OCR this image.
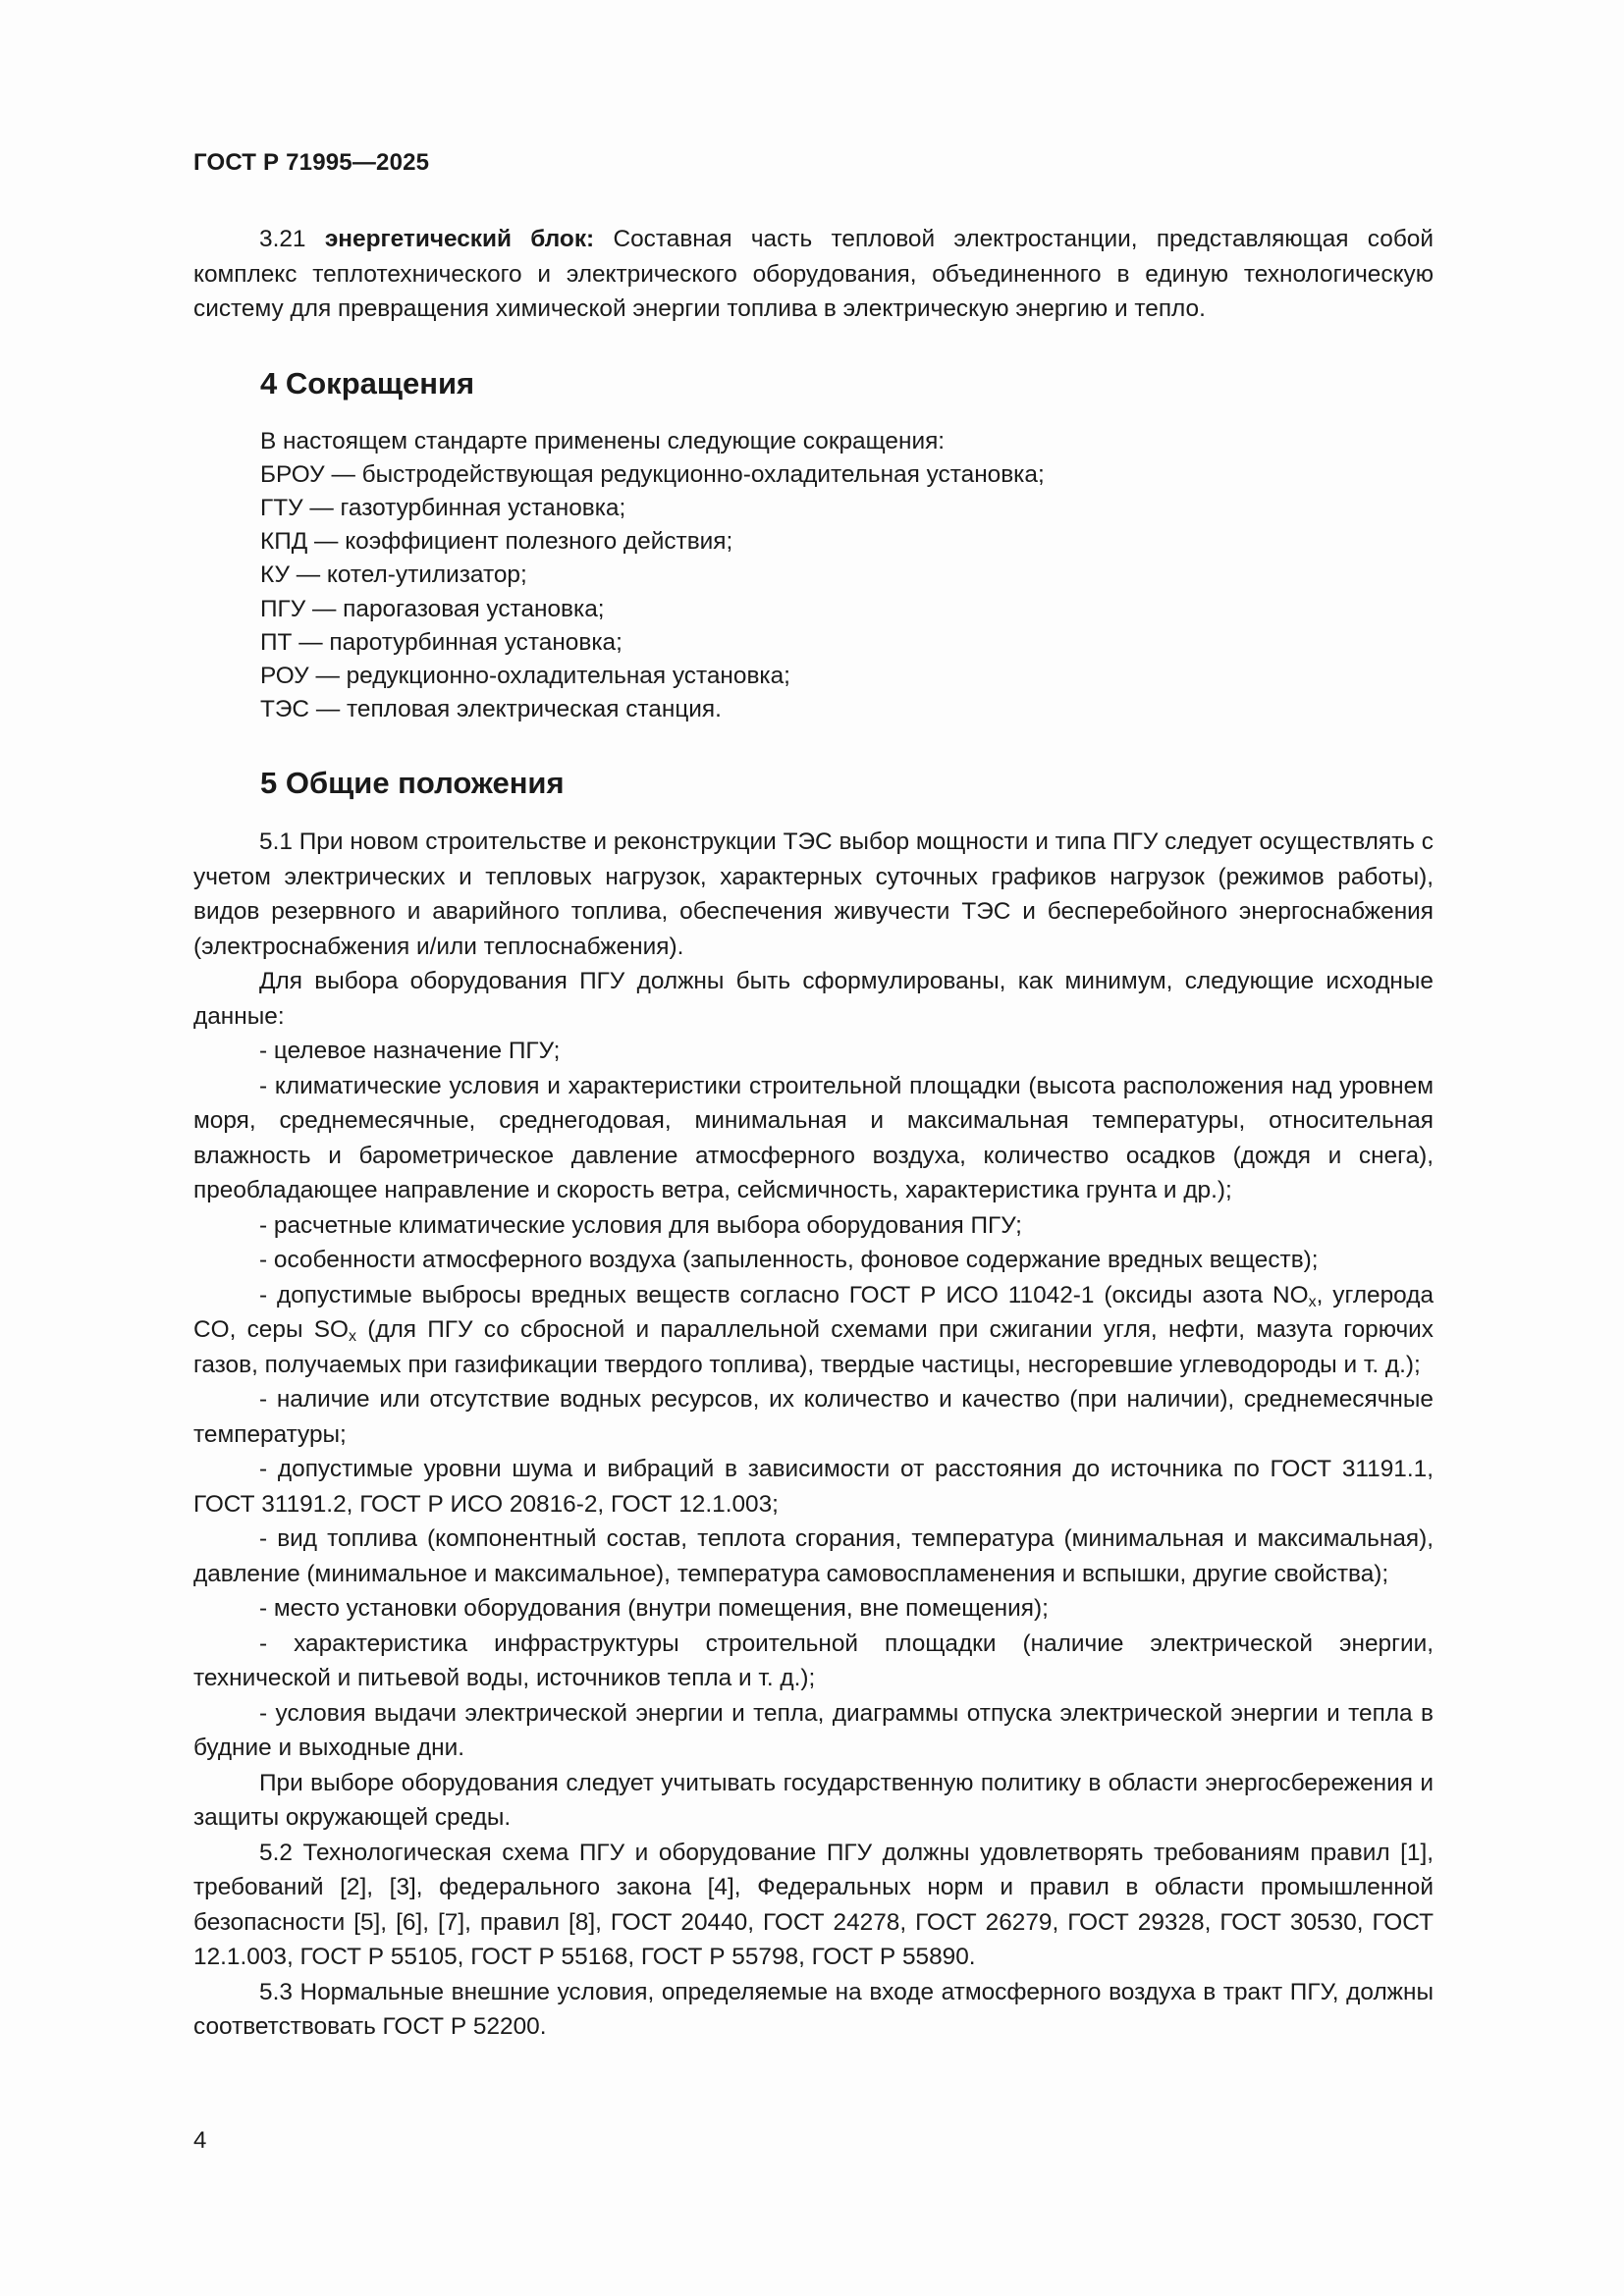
ГОСТ Р 71995—2025

3.21 энергетический блок: Составная часть тепловой электростанции, представляющая собой комплекс теплотехнического и электрического оборудования, объединенного в единую технологическую систему для превращения химической энергии топлива в электрическую энергию и тепло.

4 Сокращения
В настоящем стандарте применены следующие сокращения:
БРОУ — быстродействующая редукционно-охладительная установка;
ГТУ — газотурбинная установка;
КПД — коэффициент полезного действия;
КУ — котел-утилизатор;
ПГУ — парогазовая установка;
ПТ — паротурбинная установка;
РОУ — редукционно-охладительная установка;
ТЭС — тепловая электрическая станция.
5 Общие положения

5.1 При новом строительстве и реконструкции ТЭС выбор мощности и типа ПГУ следует осуществлять с учетом электрических и тепловых нагрузок, характерных суточных графиков нагрузок (режимов работы), видов резервного и аварийного топлива, обеспечения живучести ТЭС и бесперебойного энергоснабжения (электроснабжения и/или теплоснабжения).

Для выбора оборудования ПГУ должны быть сформулированы, как минимум, следующие исходные данные:

- целевое назначение ПГУ;

- климатические условия и характеристики строительной площадки (высота расположения над уровнем моря, среднемесячные, среднегодовая, минимальная и максимальная температуры, относительная влажность и барометрическое давление атмосферного воздуха, количество осадков (дождя и снега), преобладающее направление и скорость ветра, сейсмичность, характеристика грунта и др.);

- расчетные климатические условия для выбора оборудования ПГУ;

- особенности атмосферного воздуха (запыленность, фоновое содержание вредных веществ);

- допустимые выбросы вредных веществ согласно ГОСТ Р ИСО 11042-1 (оксиды азота $NO_x$, углерода CO, серы $SO_x$ (для ПГУ со сбросной и параллельной схемами при сжигании угля, нефти, мазута горючих газов, получаемых при газификации твердого топлива), твердые частицы, несгоревшие углеводороды и т. д.);

- наличие или отсутствие водных ресурсов, их количество и качество (при наличии), среднемесячные температуры;

- допустимые уровни шума и вибраций в зависимости от расстояния до источника по ГОСТ 31191.1, ГОСТ 31191.2, ГОСТ Р ИСО 20816-2, ГОСТ 12.1.003;

- вид топлива (компонентный состав, теплота сгорания, температура (минимальная и максимальная), давление (минимальное и максимальное), температура самовоспламенения и вспышки, другие свойства);

- место установки оборудования (внутри помещения, вне помещения);

- характеристика инфраструктуры строительной площадки (наличие электрической энергии, технической и питьевой воды, источников тепла и т. д.);

- условия выдачи электрической энергии и тепла, диаграммы отпуска электрической энергии и тепла в будние и выходные дни.

При выборе оборудования следует учитывать государственную политику в области энергосбережения и защиты окружающей среды.

5.2 Технологическая схема ПГУ и оборудование ПГУ должны удовлетворять требованиям правил [1], требований [2], [3], федерального закона [4], Федеральных норм и правил в области промышленной безопасности [5], [6], [7], правил [8], ГОСТ 20440, ГОСТ 24278, ГОСТ 26279, ГОСТ 29328, ГОСТ 30530, ГОСТ 12.1.003, ГОСТ Р 55105, ГОСТ Р 55168, ГОСТ Р 55798, ГОСТ Р 55890.

5.3 Нормальные внешние условия, определяемые на входе атмосферного воздуха в тракт ПГУ, должны соответствовать ГОСТ Р 52200.

4
